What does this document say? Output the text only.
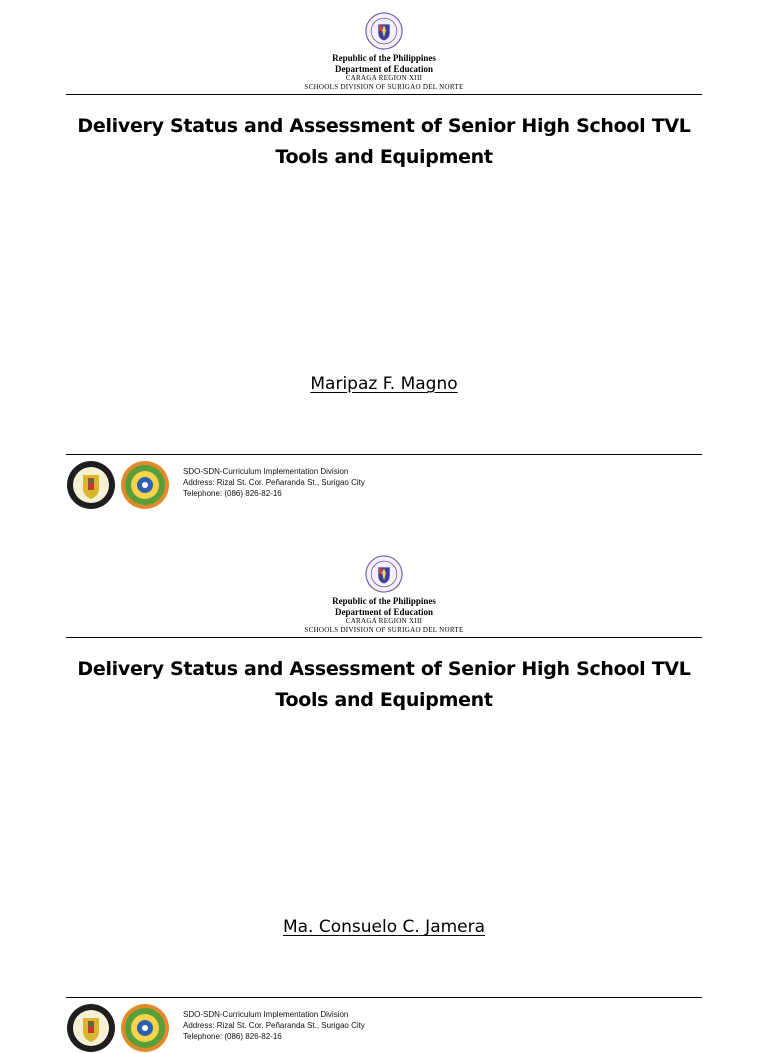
Republic of the Philippines
Department of Education
CARAGA REGION XIII
SCHOOLS DIVISION OF SURIGAO DEL NORTE
Delivery Status and Assessment of Senior High School TVL Tools and Equipment
Maripaz F. Magno
SDO-SDN-Curriculum Implementation Division
Address: Rizal St. Cor. Peñaranda St., Surigao City
Telephone: (086) 826-82-16
Republic of the Philippines
Department of Education
CARAGA REGION XIII
SCHOOLS DIVISION OF SURIGAO DEL NORTE
Delivery Status and Assessment of Senior High School TVL Tools and Equipment
Ma. Consuelo C. Jamera
SDO-SDN-Curriculum Implementation Division
Address: Rizal St. Cor. Peñaranda St., Surigao City
Telephone: (086) 826-82-16
